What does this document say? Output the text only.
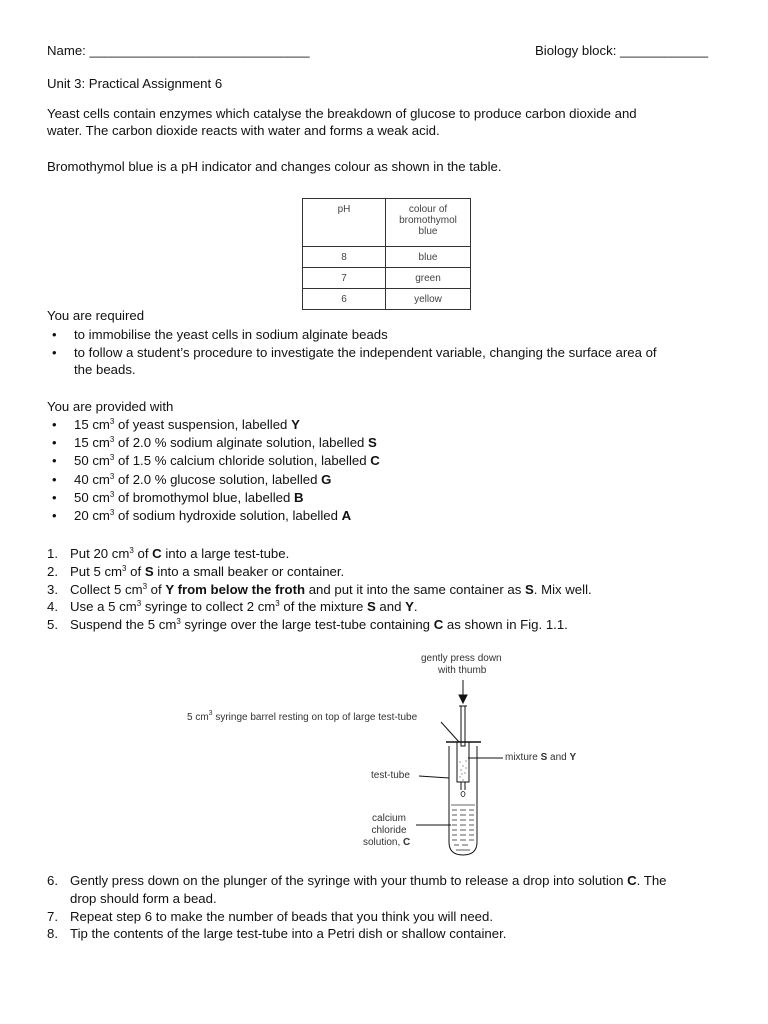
Name: ______________________________	Biology block: ____________
Unit 3: Practical Assignment 6
Yeast cells contain enzymes which catalyse the breakdown of glucose to produce carbon dioxide and
water. The carbon dioxide reacts with water and forms a weak acid.
Bromothymol blue is a pH indicator and changes colour as shown in the table.
pH	colour of
bromothymol
blue

8	blue
7	green
6	yellow
You are required
• to immobilise the yeast cells in sodium alginate beads
• to follow a student’s procedure to investigate the independent variable, changing the surface area of
the beads.
You are provided with
• 15 $cm^3$ of yeast suspension, labelled Y
• 15 $cm^3$ of 2.0 % sodium alginate solution, labelled S
• 50 $cm^3$ of 1.5 % calcium chloride solution, labelled C
• 40 $cm^3$ of 2.0 % glucose solution, labelled G
• 50 $cm^3$ of bromothymol blue, labelled B
• 20 $cm^3$ of sodium hydroxide solution, labelled A
1. Put 20 $cm^3$ of C into a large test-tube.
2. Put 5 $cm^3$ of S into a small beaker or container.
3. Collect 5 $cm^3$ of Y from below the froth and put it into the same container as S. Mix well.
4. Use a 5 $cm^3$ syringe to collect 2 $cm^3$ of the mixture S and Y.
5. Suspend the 5 $cm^3$ syringe over the large test-tube containing C as shown in Fig. 1.1.
gently press down
with thumb
5 $cm^3$ syringe barrel resting on top of large test-tube
mixture S and Y
test-tube
calcium
chloride
solution, C
6. Gently press down on the plunger of the syringe with your thumb to release a drop into solution C. The
drop should form a bead.
7. Repeat step 6 to make the number of beads that you think you will need.
8. Tip the contents of the large test-tube into a Petri dish or shallow container.
